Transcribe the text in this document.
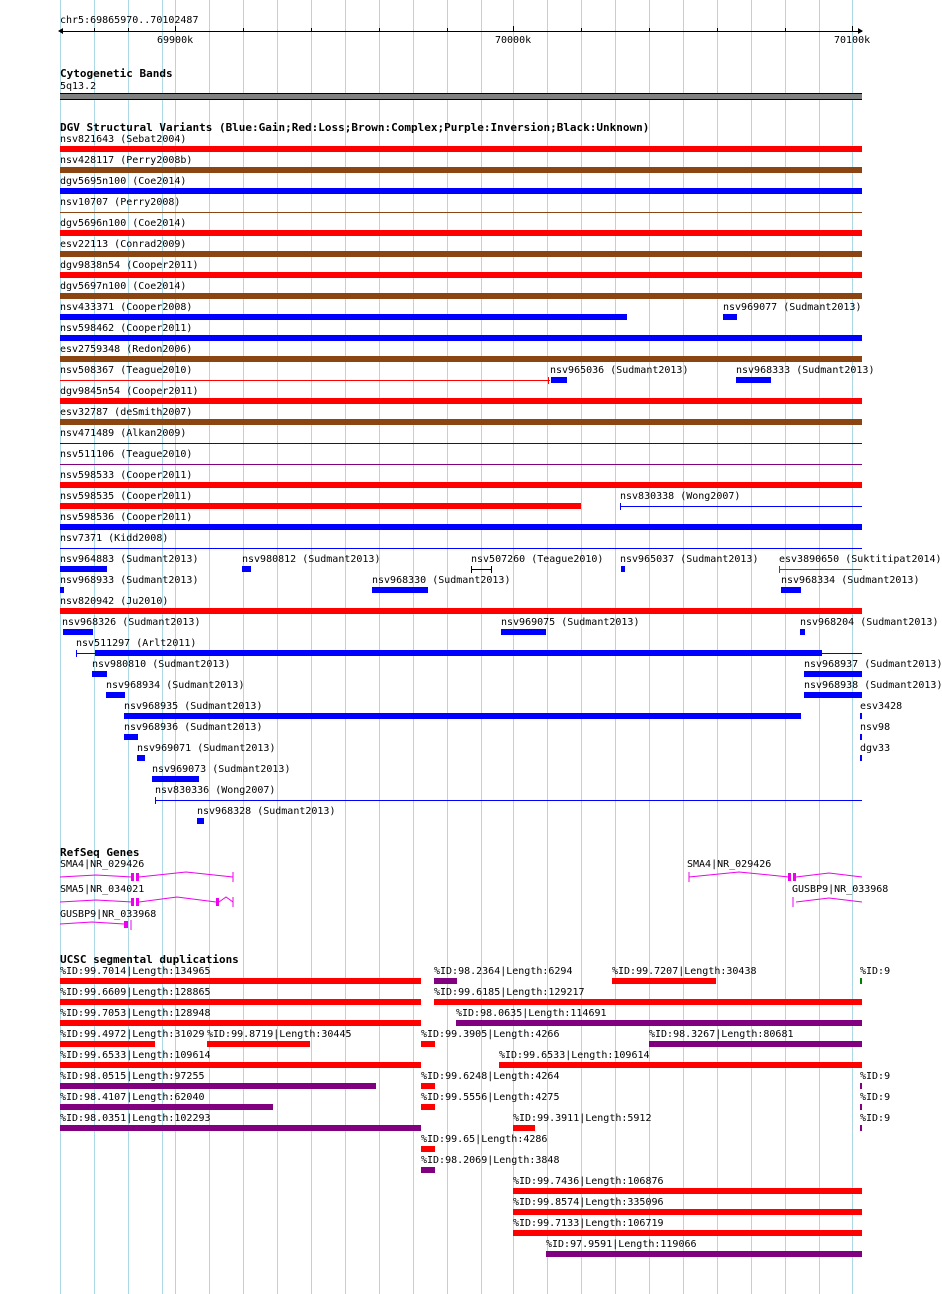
chr5:69865970..70102487
69900k	70000k	70100k
Cytogenetic Bands
5q13.2
DGV Structural Variants (Blue:Gain;Red:Loss;Brown:Complex;Purple:Inversion;Black:Unknown)
nsv821643 (Sebat2004)
nsv428117 (Perry2008b)
dgv5695n100 (Coe2014)
nsv10707 (Perry2008)
dgv5696n100 (Coe2014)
esv22113 (Conrad2009)
dgv9838n54 (Cooper2011)
dgv5697n100 (Coe2014)
nsv433371 (Cooper2008)	nsv969077 (Sudmant2013)
nsv598462 (Cooper2011)
esv2759348 (Redon2006)
nsv508367 (Teague2010)	nsv965036 (Sudmant2013)	nsv968333 (Sudmant2013)
dgv9845n54 (Cooper2011)
esv32787 (deSmith2007)
nsv471489 (Alkan2009)
nsv511106 (Teague2010)
nsv598533 (Cooper2011)
nsv598535 (Cooper2011)	nsv830338 (Wong2007)
nsv598536 (Cooper2011)
nsv7371 (Kidd2008)
nsv964883 (Sudmant2013)	nsv980812 (Sudmant2013)	nsv507260 (Teague2010) nsv965037 (Sudmant2013) esv3890650 (Suktitipat2014)
nsv968933 (Sudmant2013)	nsv968330 (Sudmant2013)	nsv968334 (Sudmant2013)
nsv820942 (Ju2010)
nsv968326 (Sudmant2013)	nsv969075 (Sudmant2013)	nsv968204 (Sudmant2013)
nsv511297 (Arlt2011)
nsv980810 (Sudmant2013)	nsv968937 (Sudmant2013)
nsv968934 (Sudmant2013)	nsv968938 (Sudmant2013)
nsv968935 (Sudmant2013)	esv3428
nsv968936 (Sudmant2013)	nsv98
nsv969071 (Sudmant2013)	dgv33
nsv969073 (Sudmant2013)
nsv830336 (Wong2007)
nsv968328 (Sudmant2013)
RefSeq Genes
SMA4|NR_029426	SMA4|NR_029426
SMA5|NR_034021	GUSBP9|NR_033968
GUSBP9|NR_033968
UCSC segmental duplications
%ID:99.7014|Length:134965	%ID:98.2364|Length:6294	%ID:99.7207|Length:30438	%ID:9
%ID:99.6609|Length:128865	%ID:99.6185|Length:129217
%ID:99.7053|Length:128948	%ID:98.0635|Length:114691
%ID:99.4972|Length:31029 %ID:99.8719|Length:30445	%ID:99.3905|Length:4266	%ID:98.3267|Length:80681
%ID:99.6533|Length:109614	%ID:99.6533|Length:109614
%ID:98.0515|Length:97255	%ID:99.6248|Length:4264	%ID:9
%ID:98.4107|Length:62040	%ID:99.5556|Length:4275	%ID:9
%ID:98.0351|Length:102293	%ID:99.3911|Length:5912	%ID:9
%ID:99.65|Length:4286
%ID:98.2069|Length:3848
%ID:99.7436|Length:106876
%ID:99.8574|Length:335096
%ID:99.7133|Length:106719
%ID:97.9591|Length:119066
